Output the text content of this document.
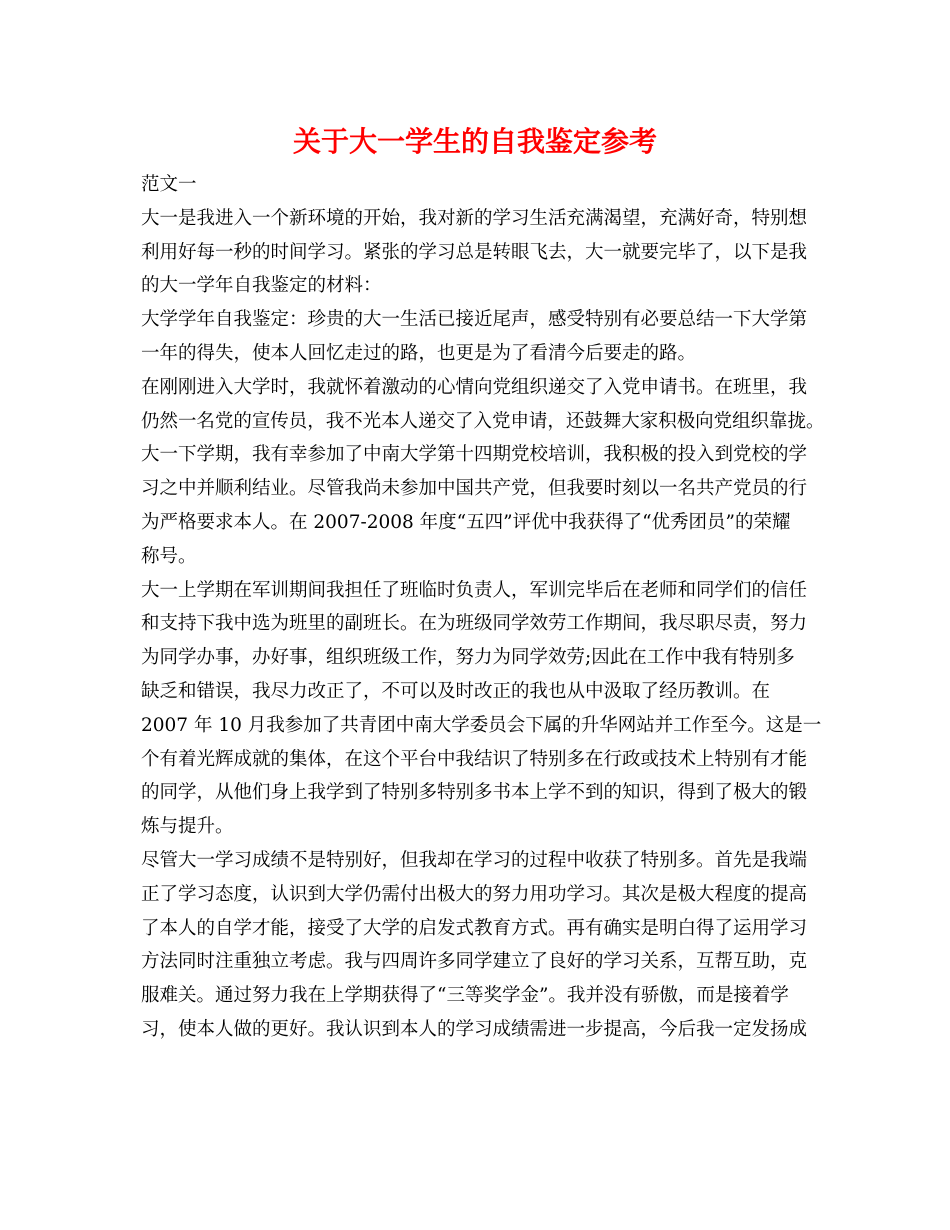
关于大一学生的自我鉴定参考
范文一
大一是我进入一个新环境的开始，我对新的学习生活充满渴望，充满好奇，特别想
利用好每一秒的时间学习。紧张的学习总是转眼飞去，大一就要完毕了，以下是我
的大一学年自我鉴定的材料：
大学学年自我鉴定：珍贵的大一生活已接近尾声，感受特别有必要总结一下大学第
一年的得失，使本人回忆走过的路，也更是为了看清今后要走的路。
在刚刚进入大学时，我就怀着激动的心情向党组织递交了入党申请书。在班里，我
仍然一名党的宣传员，我不光本人递交了入党申请，还鼓舞大家积极向党组织靠拢。
大一下学期，我有幸参加了中南大学第十四期党校培训，我积极的投入到党校的学
习之中并顺利结业。尽管我尚未参加中国共产党，但我要时刻以一名共产党员的行
为严格要求本人。在 2007-2008 年度“五四”评优中我获得了“优秀团员”的荣耀
称号。
大一上学期在军训期间我担任了班临时负责人，军训完毕后在老师和同学们的信任
和支持下我中选为班里的副班长。在为班级同学效劳工作期间，我尽职尽责，努力
为同学办事，办好事，组织班级工作，努力为同学效劳;因此在工作中我有特别多
缺乏和错误，我尽力改正了，不可以及时改正的我也从中汲取了经历教训。在
2007 年 10 月我参加了共青团中南大学委员会下属的升华网站并工作至今。这是一
个有着光辉成就的集体，在这个平台中我结识了特别多在行政或技术上特别有才能
的同学，从他们身上我学到了特别多特别多书本上学不到的知识，得到了极大的锻
炼与提升。
尽管大一学习成绩不是特别好，但我却在学习的过程中收获了特别多。首先是我端
正了学习态度，认识到大学仍需付出极大的努力用功学习。其次是极大程度的提高
了本人的自学才能，接受了大学的启发式教育方式。再有确实是明白得了运用学习
方法同时注重独立考虑。我与四周许多同学建立了良好的学习关系，互帮互助，克
服难关。通过努力我在上学期获得了“三等奖学金”。我并没有骄傲，而是接着学
习，使本人做的更好。我认识到本人的学习成绩需进一步提高，今后我一定发扬成
